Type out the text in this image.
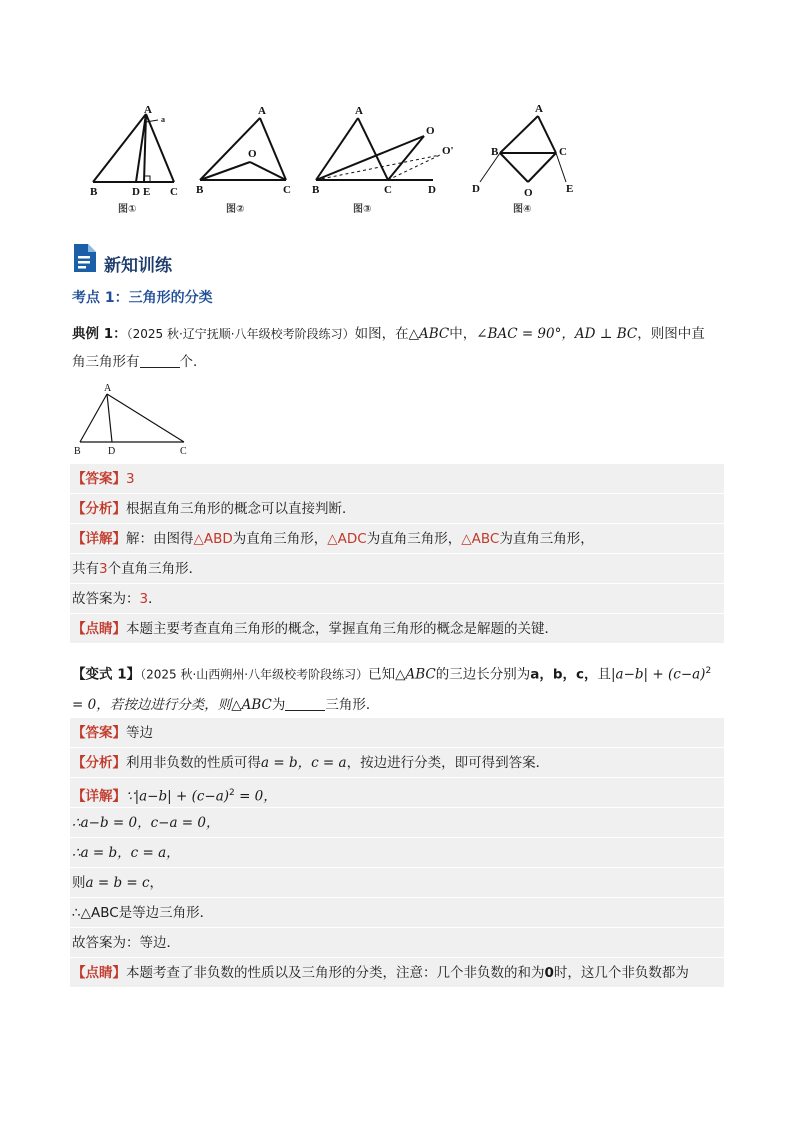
A
a
B	D E C
图①
A
O
B	C
图②
A
O
O'
B	C	D
图③
A
B	C
O
D	E
图④
新知训练
考点 1：三角形的分类
典例 1：（2025 秋·辽宁抚顺·八年级校考阶段练习）如图，在△ABC中，∠BAC = 90°，AD ⊥ BC，则图中直
角三角形有	个．
A
B	D	C
【答案】3
【分析】根据直角三角形的概念可以直接判断．
【详解】解：由图得△ABD为直角三角形，△ADC为直角三角形，△ABC为直角三角形，
共有3个直角三角形．
故答案为：3．
【点睛】本题主要考查直角三角形的概念，掌握直角三角形的概念是解题的关键．
【变式 1】（2025 秋·山西朔州·八年级校考阶段练习）已知△ABC的三边长分别为a，b，c，且$|a-b| + (c-a)^2$
= 0，若按边进行分类，则△ABC为	三角形．
【答案】等边
【分析】利用非负数的性质可得a = b，c = a，按边进行分类，即可得到答案．
【详解】∵|a−b| + $(c-a)^2 = 0$，
∴a−b = 0，c−a = 0，
∴a = b，c = a，
则a = b = c，
∴△ABC是等边三角形．
故答案为：等边．
【点睛】本题考查了非负数的性质以及三角形的分类，注意：几个非负数的和为0时，这几个非负数都为
